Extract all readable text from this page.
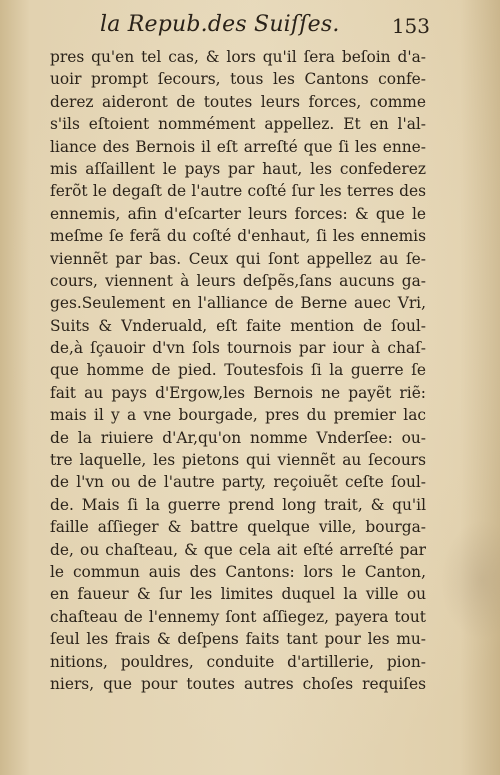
la Repub.des Suiſſes.	153
pres qu'en tel cas, & lors qu'il ſera beſoin d'a-
uoir prompt ſecours, tous les Cantons confe-
derez aideront de toutes leurs forces, comme
s'ils eſtoient nommément appellez. Et en l'al-
liance des Bernois il eſt arreſté que ſi les enne-
mis aſſaillent le pays par haut, les confederez
ferõt le degaſt de l'autre coſté ſur les terres des
ennemis, afin d'eſcarter leurs forces: & que le
meſme ſe ferã du coſté d'enhaut, ſi les ennemis
viennẽt par bas. Ceux qui ſont appellez au ſe-
cours, viennent à leurs deſpẽs,ſans aucuns ga-
ges.Seulement en l'alliance de Berne auec Vri,
Suits & Vnderuald, eſt faite mention de ſoul-
de,à ſçauoir d'vn ſols tournois par iour à chaſ-
que homme de pied. Toutesfois ſi la guerre ſe
fait au pays d'Ergow,les Bernois ne payẽt riẽ:
mais il y a vne bourgade, pres du premier lac
de la riuiere d'Ar,qu'on nomme Vnderſee: ou-
tre laquelle, les pietons qui viennẽt au ſecours
de l'vn ou de l'autre party, reçoiuẽt ceſte ſoul-
de. Mais ſi la guerre prend long trait, & qu'il
faille aſſieger & battre quelque ville, bourga-
de, ou chaſteau, & que cela ait eſté arreſté par
le commun auis des Cantons: lors le Canton,
en faueur & ſur les limites duquel la ville ou
chaſteau de l'ennemy ſont aſſiegez, payera tout
ſeul les frais & deſpens faits tant pour les mu-
nitions, pouldres, conduite d'artillerie, pion-
niers, que pour toutes autres choſes requiſes
